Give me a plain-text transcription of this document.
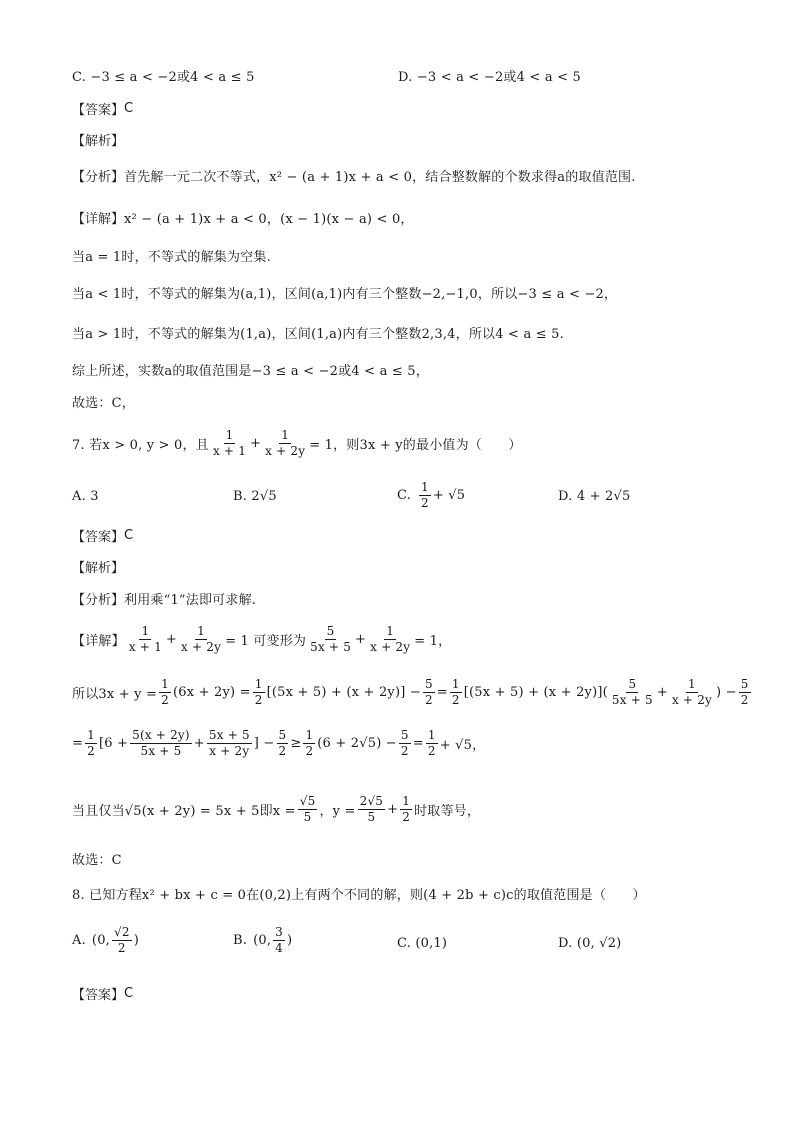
C. −3 ≤ a < −2或4 < a ≤ 5	D. −3 < a < −2或4 < a < 5
【答案】 C
【解析】
【分析】 首先解一元二次不等式，x² − (a + 1)x + a < 0，结合整数解的个数求得a的取值范围.
【详解】 x² − (a + 1)x + a < 0，(x − 1)(x − a) < 0，
当a = 1时，不等式的解集为空集.
当a < 1时，不等式的解集为(a,1)，区间(a,1)内有三个整数−2,−1,0，所以−3 ≤ a < −2，
当a > 1时，不等式的解集为(1,a)，区间(1,a)内有三个整数2,3,4，所以4 < a ≤ 5.
综上所述，实数a的取值范围是−3 ≤ a < −2或4 < a ≤ 5，
故选：C，
7. 若x > 0, y > 0，且 $\frac{1}{x + 1} + \frac{1}{x + 2y} = 1$，则3x + y的最小值为（　　）
A. 3	B. 2√5	C. $\frac{1}{2} + √5$	D. 4 + 2√5
【答案】 C
【解析】
【分析】 利用乘“1”法即可求解.
【详解】 $\frac{1}{x + 1} + \frac{1}{x + 2y} = 1$ 可变形为 $\frac{5}{5x + 5} + \frac{1}{x + 2y} = 1$，
所以$3x + y = \frac{1}{2} (6x + 2y) = \frac{1}{2} [(5x + 5) + (x + 2y)] - \frac{5}{2} = \frac{1}{2} [(5x + 5) + (x + 2y)]( \frac{5}{5x + 5} + \frac{1}{x + 2y}$ ) − $\frac{5}{2}$
= $\frac{1}{2} [6 + \frac{5(x + 2y)}{5x + 5} + \frac{5x + 5}{x + 2y}$ ] − $\frac{5}{2} \ge \frac{1}{2} (6 + 2√5) - \frac{5}{2} = \frac{1}{2} + √5$，
当且仅当√5(x + 2y) = 5x + 5即$x = \frac{√5}{5}$ ，$y = \frac{2√5}{5} + \frac{1}{2}$ 时取等号，
故选：C
8. 已知方程x² + bx + c = 0在(0,2)上有两个不同的解，则(4 + 2b + c)c的取值范围是（　　）
A. (0, $\frac{√2}{2}$ )	B. (0, $\frac{3}{4}$ )	C. (0,1)	D. (0, √2)
【答案】 C
